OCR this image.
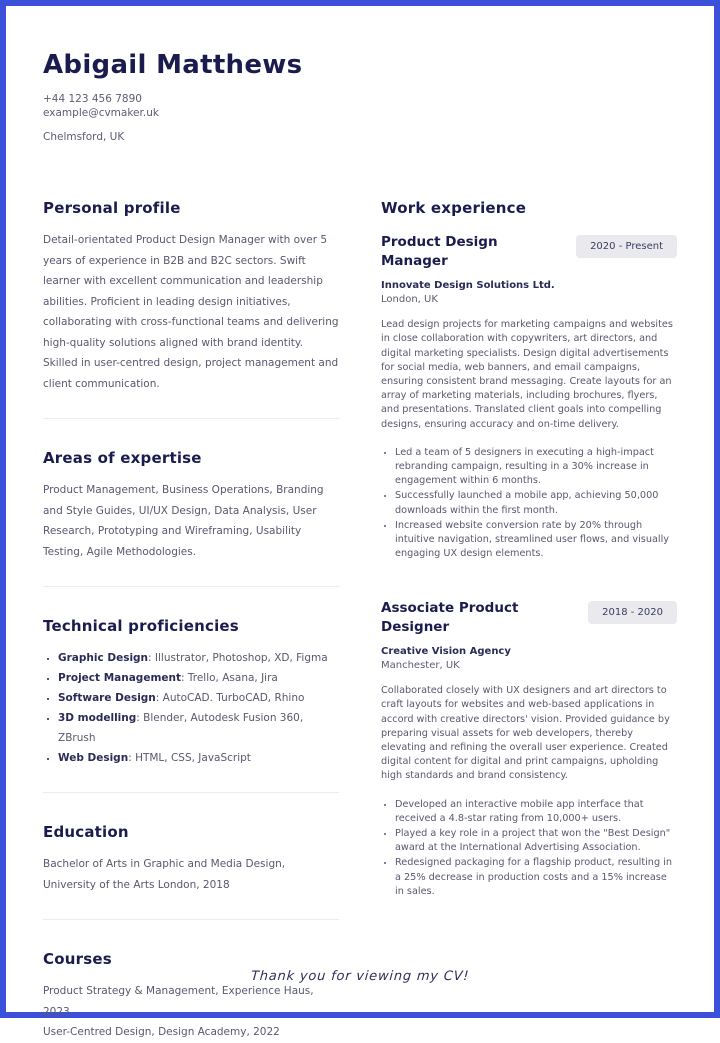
Abigail Matthews
+44 123 456 7890
example@cvmaker.uk
Chelmsford, UK
Personal profile

Detail-orientated Product Design Manager with over 5 years of experience in B2B and B2C sectors. Swift learner with excellent communication and leadership abilities. Proficient in leading design initiatives, collaborating with cross-functional teams and delivering high-quality solutions aligned with brand identity. Skilled in user-centred design, project management and client communication.

Areas of expertise

Product Management, Business Operations, Branding and Style Guides, UI/UX Design, Data Analysis, User Research, Prototyping and Wireframing, Usability Testing, Agile Methodologies.

Technical proficiencies
• Graphic Design: Illustrator, Photoshop, XD, Figma
• Project Management: Trello, Asana, Jira
• Software Design: AutoCAD. TurboCAD, Rhino
• 3D modelling: Blender, Autodesk Fusion 360, ZBrush
• Web Design: HTML, CSS, JavaScript
Education

Bachelor of Arts in Graphic and Media Design, University of the Arts London, 2018

Courses

Product Strategy & Management, Experience Haus, 2023
User-Centred Design, Design Academy, 2022

Work experience
Product Design Manager
2020 - Present
Innovate Design Solutions Ltd.
London, UK

Lead design projects for marketing campaigns and websites in close collaboration with copywriters, art directors, and digital marketing specialists. Design digital advertisements for social media, web banners, and email campaigns, ensuring consistent brand messaging. Create layouts for an array of marketing materials, including brochures, flyers, and presentations. Translated client goals into compelling designs, ensuring accuracy and on-time delivery.

• Led a team of 5 designers in executing a high-impact rebranding campaign, resulting in a 30% increase in engagement within 6 months.
• Successfully launched a mobile app, achieving 50,000 downloads within the first month.
• Increased website conversion rate by 20% through intuitive navigation, streamlined user flows, and visually engaging UX design elements.
Associate Product Designer
2018 - 2020
Creative Vision Agency
Manchester, UK

Collaborated closely with UX designers and art directors to craft layouts for websites and web-based applications in accord with creative directors' vision. Provided guidance by preparing visual assets for web developers, thereby elevating and refining the overall user experience. Created digital content for digital and print campaigns, upholding high standards and brand consistency.

• Developed an interactive mobile app interface that received a 4.8-star rating from 10,000+ users.
• Played a key role in a project that won the "Best Design" award at the International Advertising Association.
• Redesigned packaging for a flagship product, resulting in a 25% decrease in production costs and a 15% increase in sales.
Thank you for viewing my CV!
